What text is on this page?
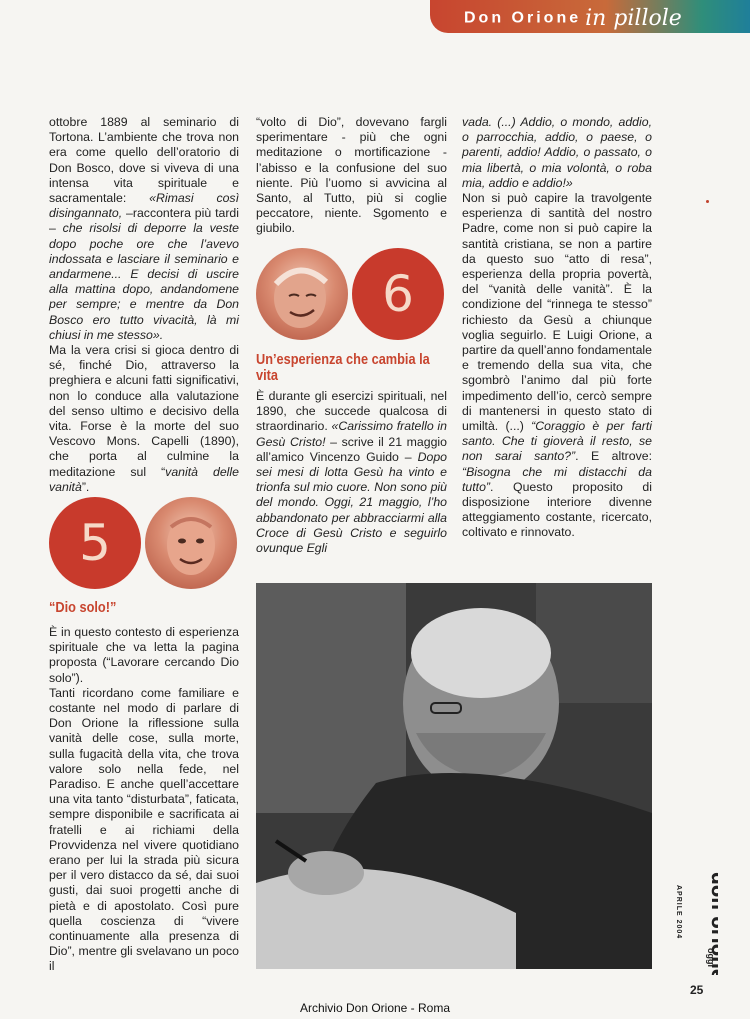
Don Orione in pillole

ottobre 1889 al seminario di Tortona. L’ambiente che trova non era come quello dell’oratorio di Don Bosco, dove si viveva di una intensa vita spirituale e sacramentale: «Rimasi così disingannato, –raccontera più tardi – che risolsi di deporre la veste dopo poche ore che l’avevo indossata e lasciare il seminario e andarmene... E decisi di uscire alla mattina dopo, andandomene per sempre; e mentre da Don Bosco ero tutto vivacità, là mi chiusi in me stesso».

Ma la vera crisi si gioca dentro di sé, finché Dio, attraverso la preghiera e alcuni fatti significativi, non lo conduce alla valutazione del senso ultimo e decisivo della vita. Forse è la morte del suo Vescovo Mons. Capelli (1890), che porta al culmine la meditazione sul “vanità delle vanità”.

5
“Dio solo!”

È in questo contesto di esperienza spirituale che va letta la pagina proposta (“Lavorare cercando Dio solo”).

Tanti ricordano come familiare e costante nel modo di parlare di Don Orione la riflessione sulla vanità delle cose, sulla morte, sulla fugacità della vita, che trova valore solo nella fede, nel Paradiso. E anche quell’accettare una vita tanto “disturbata”, faticata, sempre disponibile e sacrificata ai fratelli e ai richiami della Provvidenza nel vivere quotidiano erano per lui la strada più sicura per il vero distacco da sé, dai suoi gusti, dai suoi progetti anche di pietà e di apostolato. Così pure quella coscienza di “vivere continuamente alla presenza di Dio”, mentre gli svelavano un poco il

“volto di Dio”, dovevano fargli sperimentare - più che ogni meditazione o mortificazione - l’abisso e la confusione del suo niente. Più l’uomo si avvicina al Santo, al Tutto, più si coglie peccatore, niente. Sgomento e giubilo.

6
Un’esperienza che cambia la vita

È durante gli esercizi spirituali, nel 1890, che succede qualcosa di straordinario. «Carissimo fratello in Gesù Cristo! – scrive il 21 maggio all’amico Vincenzo Guido – Dopo sei mesi di lotta Gesù ha vinto e trionfa sul mio cuore. Non sono più del mondo. Oggi, 21 maggio, l’ho abbandonato per abbracciarmi alla Croce di Gesù Cristo e seguirlo ovunque Egli

vada. (...) Addio, o mondo, addio, o parrocchia, addio, o paese, o parenti, addio! Addio, o passato, o mia libertà, o mia volontà, o roba mia, addio e addio!»

Non si può capire la travolgente esperienza di santità del nostro Padre, come non si può capire la santità cristiana, se non a partire da questo suo “atto di resa”, esperienza della propria povertà, del “vanità delle vanità”. È la condizione del “rinnega te stesso” richiesto da Gesù a chiunque voglia seguirlo. E Luigi Orione, a partire da quell’anno fondamentale e tremendo della sua vita, che sgombrò l’animo dal più forte impedimento dell’io, cercò sempre di mantenersi in questo stato di umiltà. (...) “Coraggio è per farti santo. Che ti gioverà il resto, se non sarai santo?”. E altrove: “Bisogna che mi distacchi da tutto”. Questo proposito di disposizione interiore divenne atteggiamento costante, ricercato, coltivato e rinnovato.

don orione
APRILE 2004
oggi
25
Archivio Don Orione - Roma
